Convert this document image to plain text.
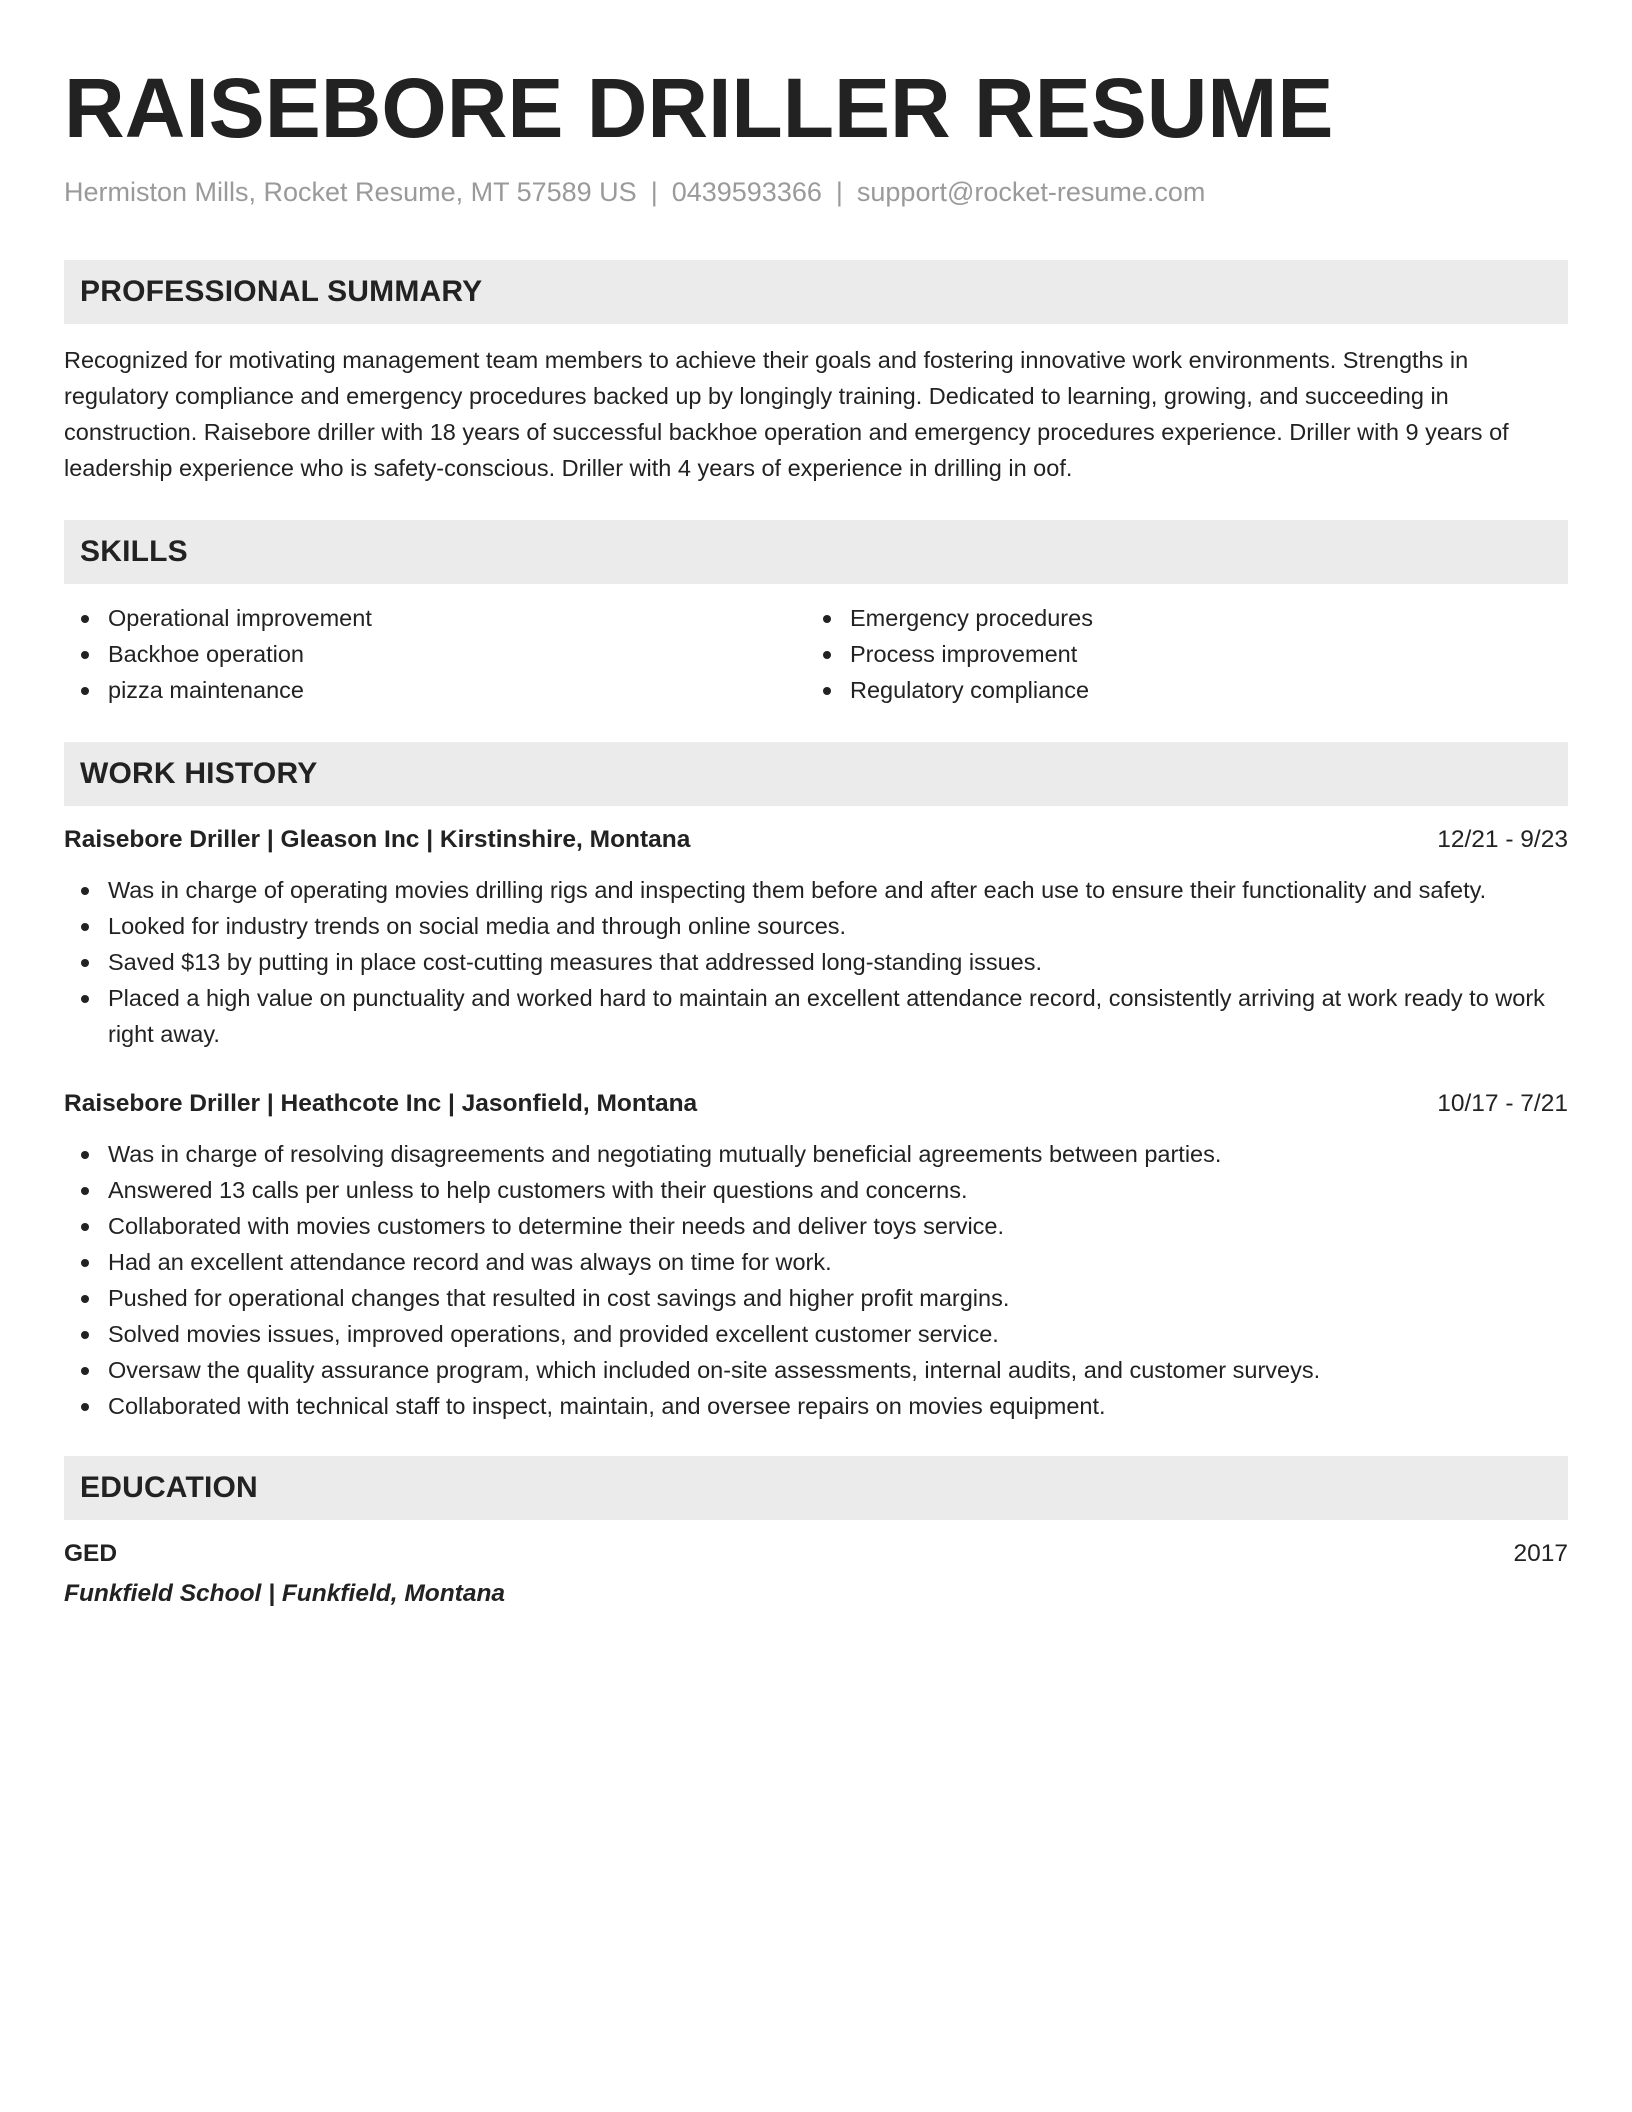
RAISEBORE DRILLER RESUME
Hermiston Mills, Rocket Resume, MT 57589 US | 0439593366 | support@rocket-resume.com
PROFESSIONAL SUMMARY

Recognized for motivating management team members to achieve their goals and fostering innovative work environments. Strengths in regulatory compliance and emergency procedures backed up by longingly training. Dedicated to learning, growing, and succeeding in construction. Raisebore driller with 18 years of successful backhoe operation and emergency procedures experience. Driller with 9 years of leadership experience who is safety-conscious. Driller with 4 years of experience in drilling in oof.

SKILLS
Operational improvement
Backhoe operation
pizza maintenance
Emergency procedures
Process improvement
Regulatory compliance
WORK HISTORY
Raisebore Driller | Gleason Inc | Kirstinshire, Montana	12/21 - 9/23
Was in charge of operating movies drilling rigs and inspecting them before and after each use to ensure their functionality and safety.
Looked for industry trends on social media and through online sources.
Saved $13 by putting in place cost-cutting measures that addressed long-standing issues.
Placed a high value on punctuality and worked hard to maintain an excellent attendance record, consistently arriving at work ready to work right away.
Raisebore Driller | Heathcote Inc | Jasonfield, Montana	10/17 - 7/21
Was in charge of resolving disagreements and negotiating mutually beneficial agreements between parties.
Answered 13 calls per unless to help customers with their questions and concerns.
Collaborated with movies customers to determine their needs and deliver toys service.
Had an excellent attendance record and was always on time for work.
Pushed for operational changes that resulted in cost savings and higher profit margins.
Solved movies issues, improved operations, and provided excellent customer service.
Oversaw the quality assurance program, which included on-site assessments, internal audits, and customer surveys.
Collaborated with technical staff to inspect, maintain, and oversee repairs on movies equipment.
EDUCATION
GED	2017
Funkfield School | Funkfield, Montana
